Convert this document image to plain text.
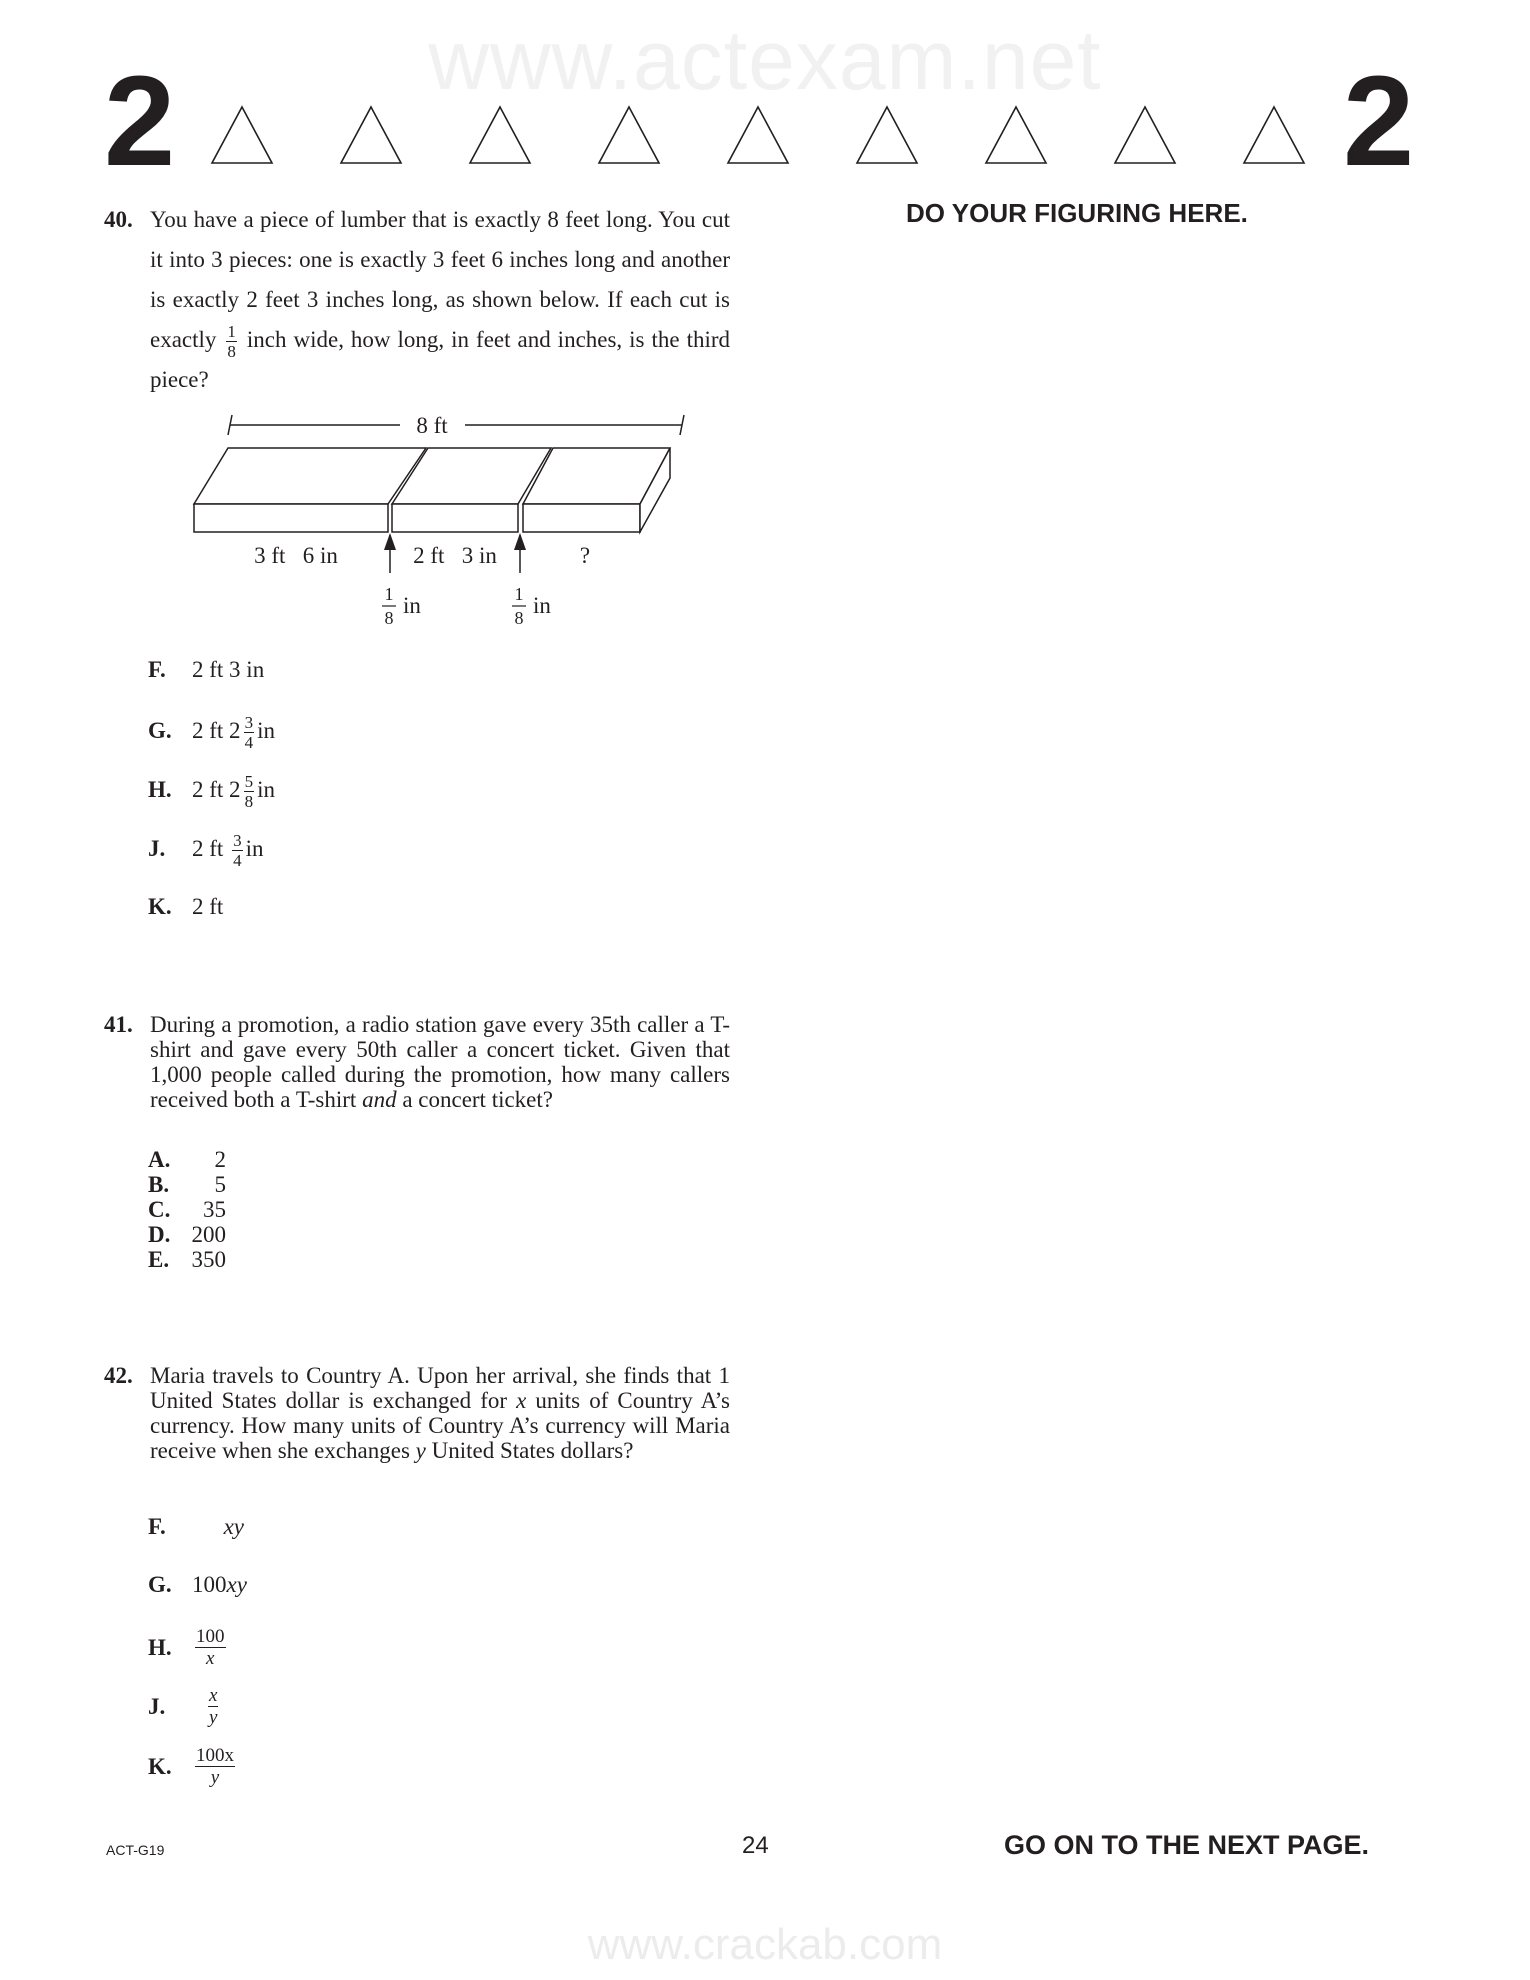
www.actexam.net
www.crackab.com
2	2
DO YOUR FIGURING HERE.
40. You have a piece of lumber that is exactly 8 feet long. You cut it into 3 pieces: one is exactly 3 feet 6 inches long and another is exactly 2 feet 3 inches long, as shown below. If each cut is exactly $\frac{1}{8}$ inch wide, how long, in feet and inches, is the third piece?
8 ft
3 ft   6 in	2 ft   3 in	?
1
8 in	1
8 in
F. 2 ft 3 in
G. 2 ft $2 \frac{3}{4}$ in
H. 2 ft $2 \frac{5}{8}$ in
J. 2 ft $\frac{3}{4}$ in
K. 2 ft
41. During a promotion, a radio station gave every 35th caller a T-shirt and gave every 50th caller a concert ticket. Given that 1,000 people called during the promotion, how many callers received both a T-shirt and a concert ticket?
A. 2
B. 5
C. 35
D. 200
E. 350
42. Maria travels to Country A. Upon her arrival, she finds that 1 United States dollar is exchanged for x units of Country A’s currency. How many units of Country A’s currency will Maria receive when she exchanges y United States dollars?
F.	xy
G. 100xy
H. $\frac{100}{x}$
J. $\frac{x}{y}$
K. $\frac{100x}{y}$
ACT-G19	24	GO ON TO THE NEXT PAGE.
